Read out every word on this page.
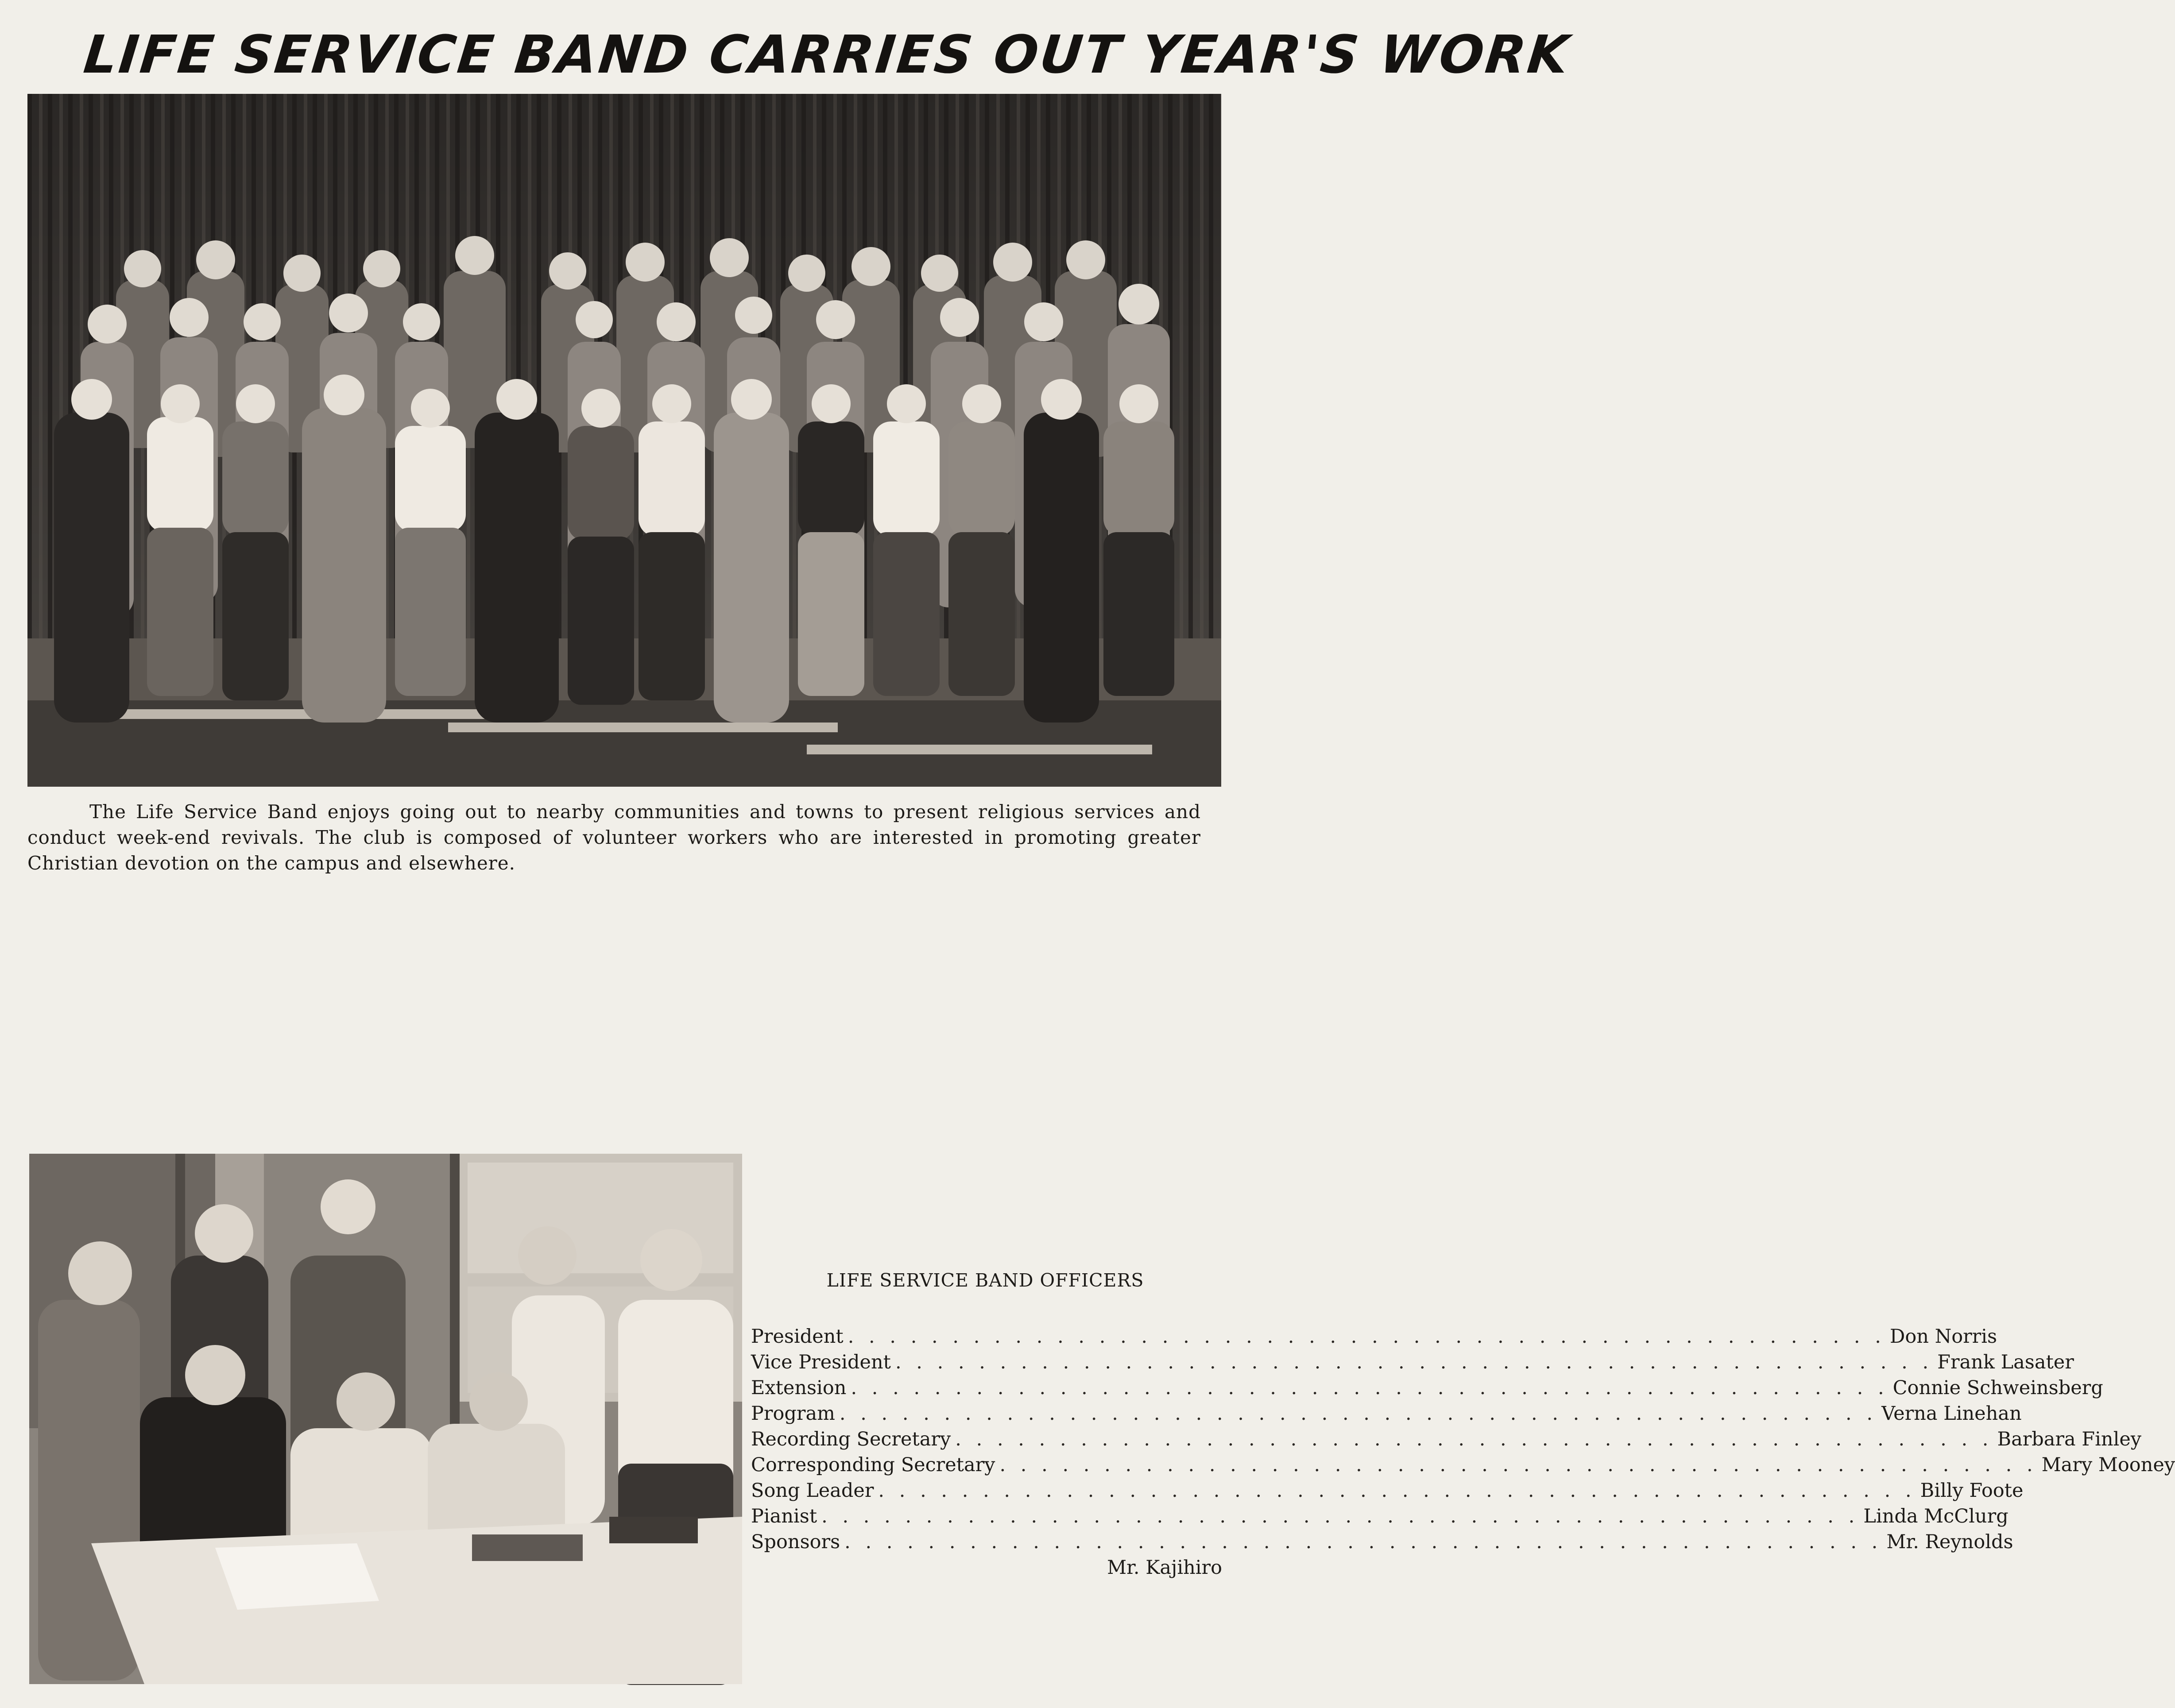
LIFE SERVICE BAND CARRIES OUT YEAR'S WORK

The Life Service Band enjoys going out to nearby communities and towns to present religious services and conduct week-end revivals. The club is composed of volunteer workers who are interested in promoting greater Christian devotion on the campus and elsewhere.

LIFE SERVICE BAND OFFICERS
President . . .	Don Norris
Vice President . . .	Frank Lasater
Extension . . .	Connie Schweinsberg
Program . . .	Verna Linehan
Recording Secretary . . .	Barbara Finley
Corresponding Secretary . . .	Mary Mooney
Song Leader . . .	Billy Foote
Pianist . . .	Linda McClurg
Sponsors . . .	Mr. Reynolds
Mr. Kajihiro
